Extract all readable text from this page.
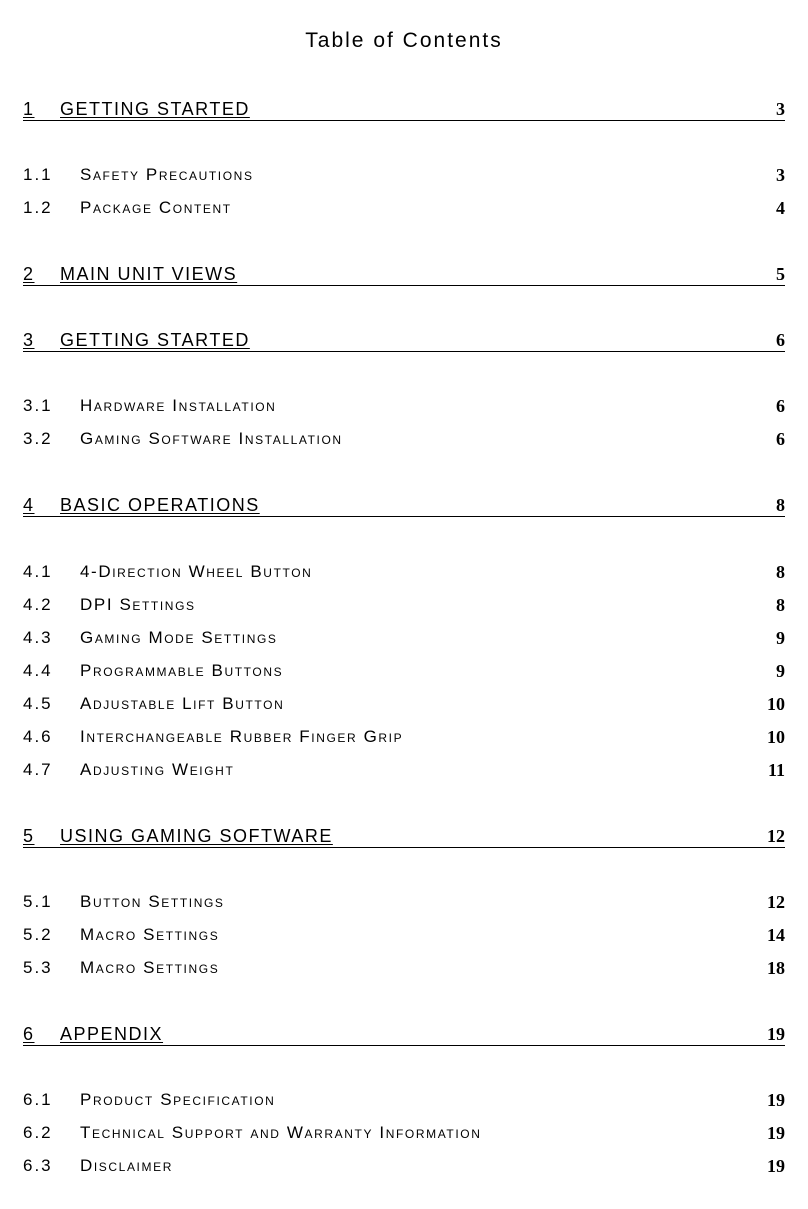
Table of Contents
1 GETTING STARTED	3
1.1 Safety Precautions	3
1.2 Package Content	4
2 MAIN UNIT VIEWS	5
3 GETTING STARTED	6
3.1 Hardware Installation	6
3.2 Gaming Software Installation	6
4 BASIC OPERATIONS	8
4.1 4-Direction Wheel Button	8
4.2 DPI Settings	8
4.3 Gaming Mode Settings	9
4.4 Programmable Buttons	9
4.5 Adjustable Lift Button	10
4.6 Interchangeable Rubber Finger Grip	10
4.7 Adjusting Weight	11
5 USING GAMING SOFTWARE	12
5.1 Button Settings	12
5.2 Macro Settings	14
5.3 Macro Settings	18
6 APPENDIX	19
6.1 Product Specification	19
6.2 Technical Support and Warranty Information	19
6.3 Disclaimer	19
